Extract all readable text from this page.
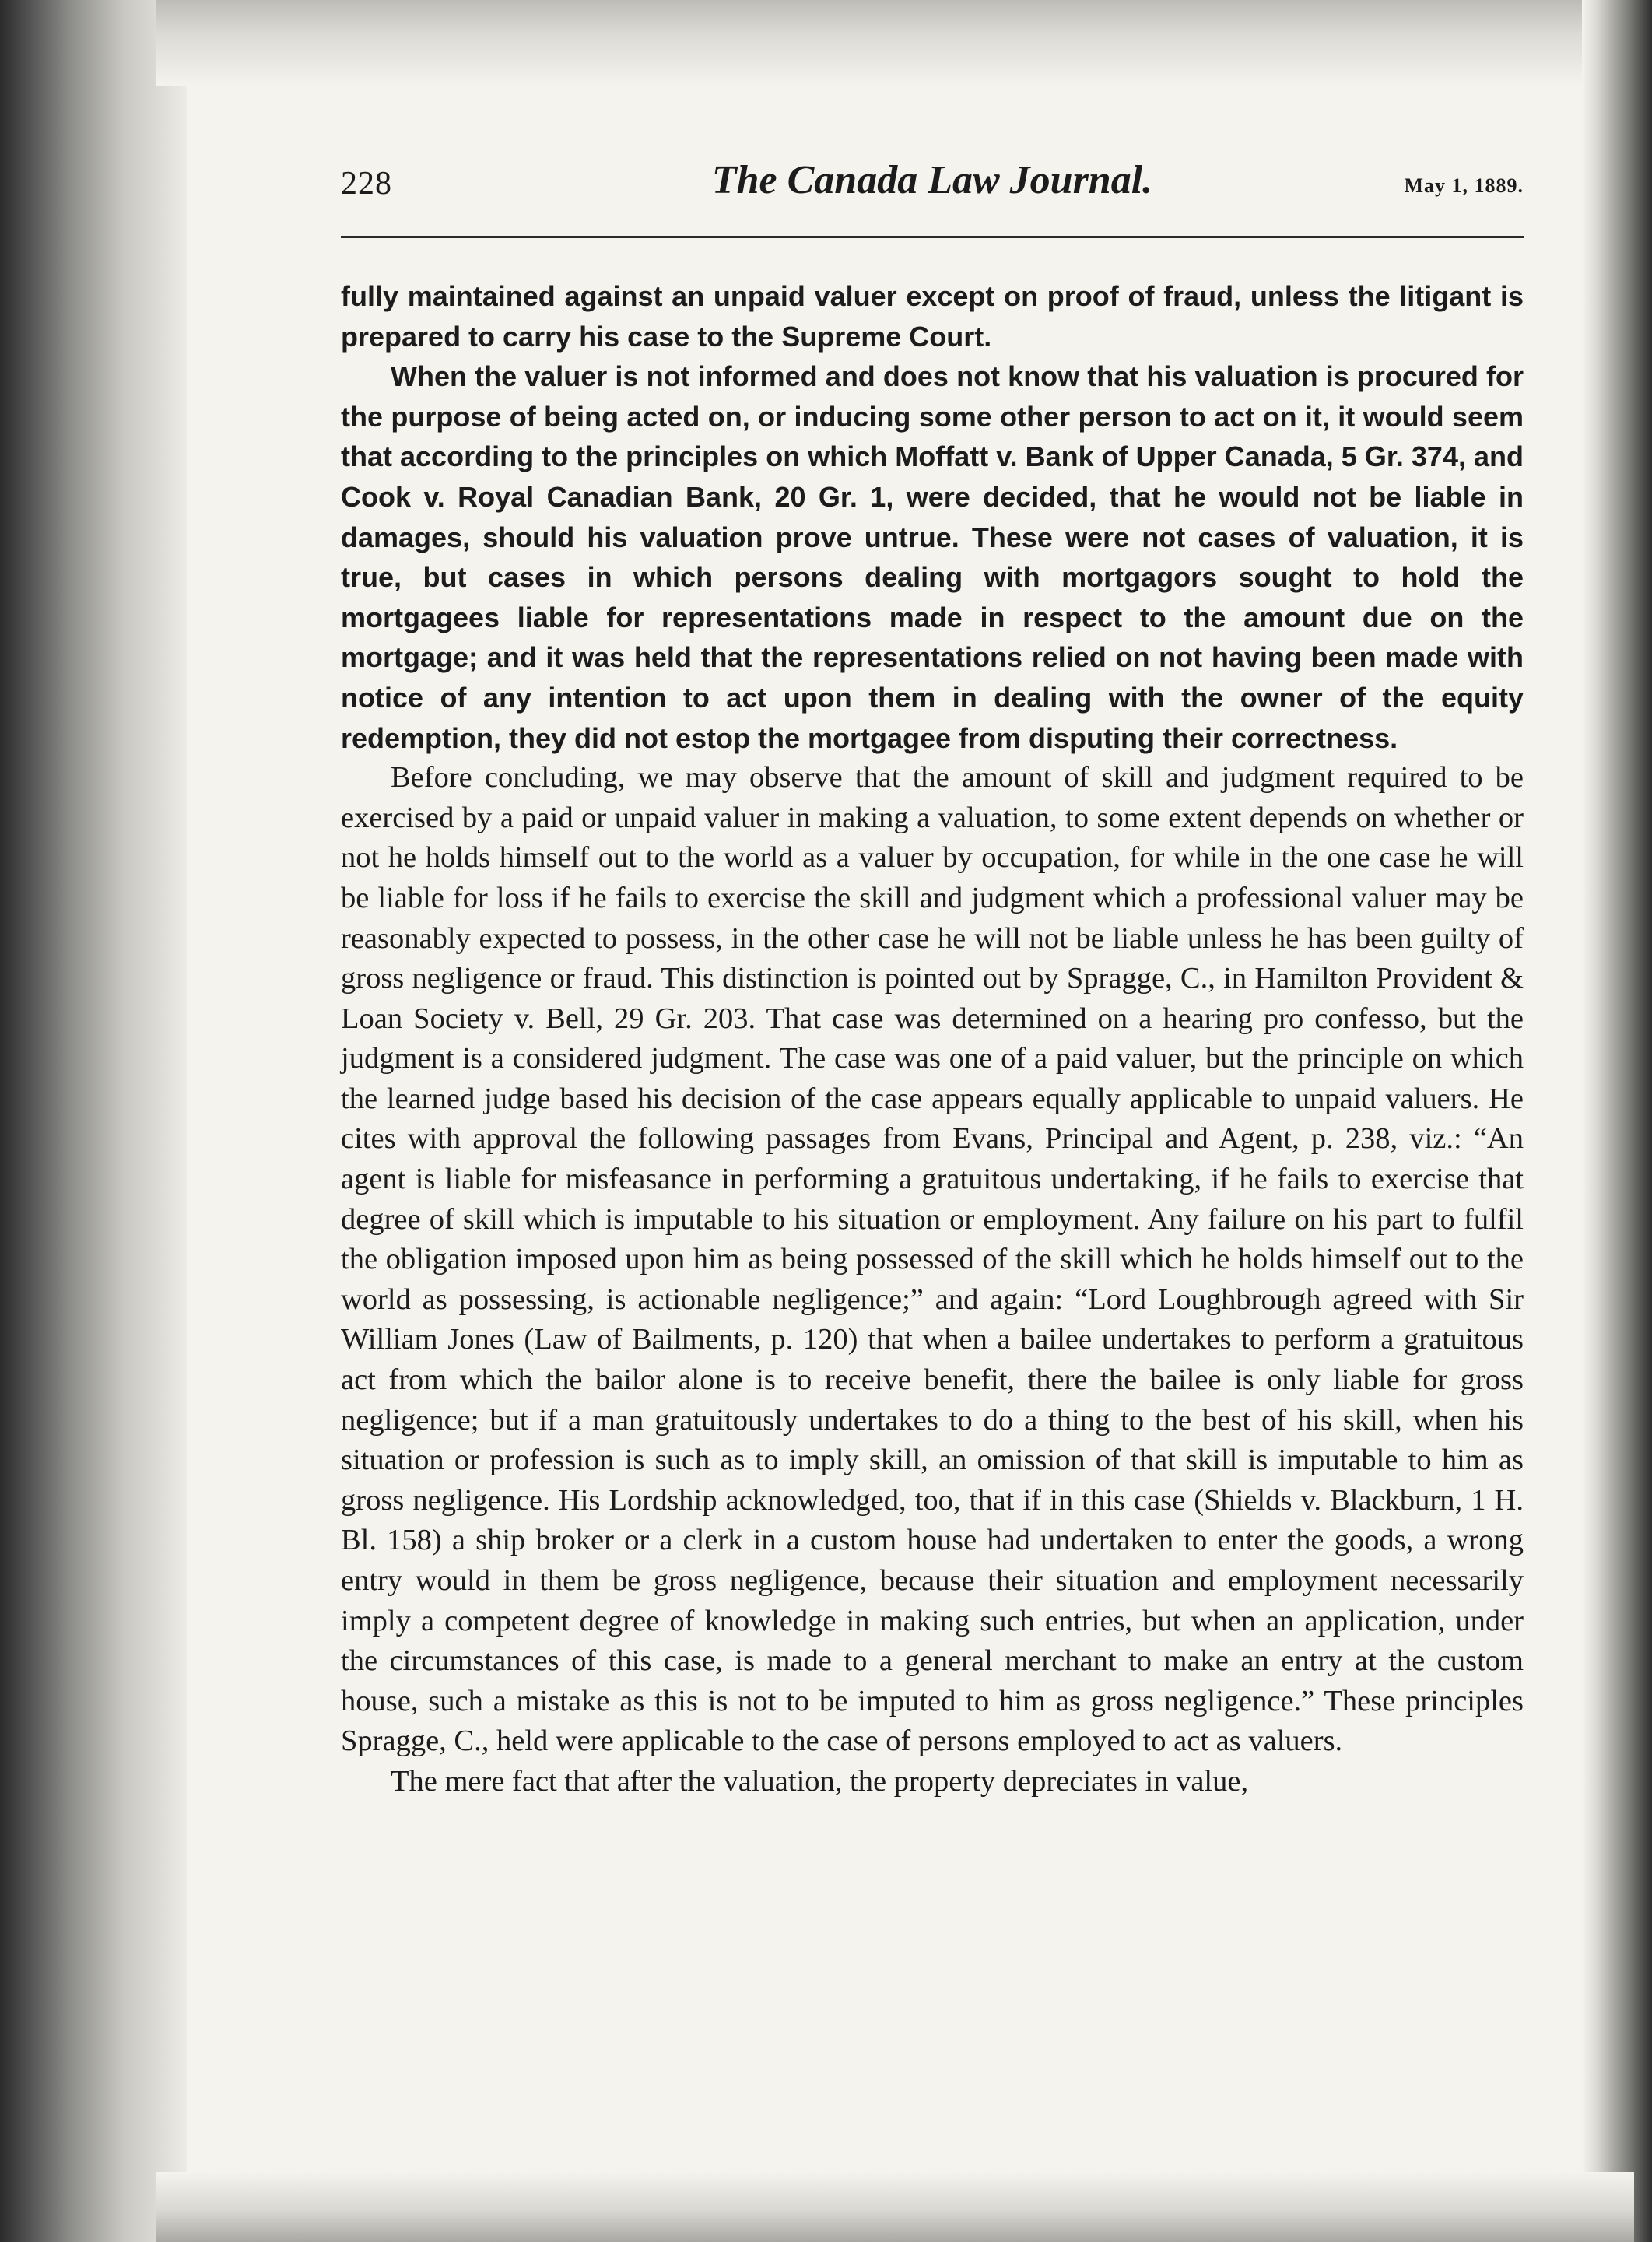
228	The Canada Law Journal.	May 1, 1889.

fully maintained against an unpaid valuer except on proof of fraud, unless the litigant is prepared to carry his case to the Supreme Court.

When the valuer is not informed and does not know that his valuation is procured for the purpose of being acted on, or inducing some other person to act on it, it would seem that according to the principles on which Moffatt v. Bank of Upper Canada, 5 Gr. 374, and Cook v. Royal Canadian Bank, 20 Gr. 1, were decided, that he would not be liable in damages, should his valuation prove untrue. These were not cases of valuation, it is true, but cases in which persons dealing with mortgagors sought to hold the mortgagees liable for representations made in respect to the amount due on the mortgage; and it was held that the representations relied on not having been made with notice of any intention to act upon them in dealing with the owner of the equity redemption, they did not estop the mortgagee from disputing their correctness.

Before concluding, we may observe that the amount of skill and judgment required to be exercised by a paid or unpaid valuer in making a valuation, to some extent depends on whether or not he holds himself out to the world as a valuer by occupation, for while in the one case he will be liable for loss if he fails to exercise the skill and judgment which a professional valuer may be reasonably expected to possess, in the other case he will not be liable unless he has been guilty of gross negligence or fraud. This distinction is pointed out by Spragge, C., in Hamilton Provident & Loan Society v. Bell, 29 Gr. 203. That case was determined on a hearing pro confesso, but the judgment is a considered judgment. The case was one of a paid valuer, but the principle on which the learned judge based his decision of the case appears equally applicable to unpaid valuers. He cites with approval the following passages from Evans, Principal and Agent, p. 238, viz.: “An agent is liable for misfeasance in performing a gratuitous undertaking, if he fails to exercise that degree of skill which is imputable to his situation or employment. Any failure on his part to fulfil the obligation imposed upon him as being possessed of the skill which he holds himself out to the world as possessing, is actionable negligence;” and again: “Lord Loughbrough agreed with Sir William Jones (Law of Bailments, p. 120) that when a bailee undertakes to perform a gratuitous act from which the bailor alone is to receive benefit, there the bailee is only liable for gross negligence; but if a man gratuitously undertakes to do a thing to the best of his skill, when his situation or profession is such as to imply skill, an omission of that skill is imputable to him as gross negligence. His Lordship acknowledged, too, that if in this case (Shields v. Blackburn, 1 H. Bl. 158) a ship broker or a clerk in a custom house had undertaken to enter the goods, a wrong entry would in them be gross negligence, because their situation and employment necessarily imply a competent degree of knowledge in making such entries, but when an application, under the circumstances of this case, is made to a general merchant to make an entry at the custom house, such a mistake as this is not to be imputed to him as gross negligence.” These principles Spragge, C., held were applicable to the case of persons employed to act as valuers.

The mere fact that after the valuation, the property depreciates in value,
